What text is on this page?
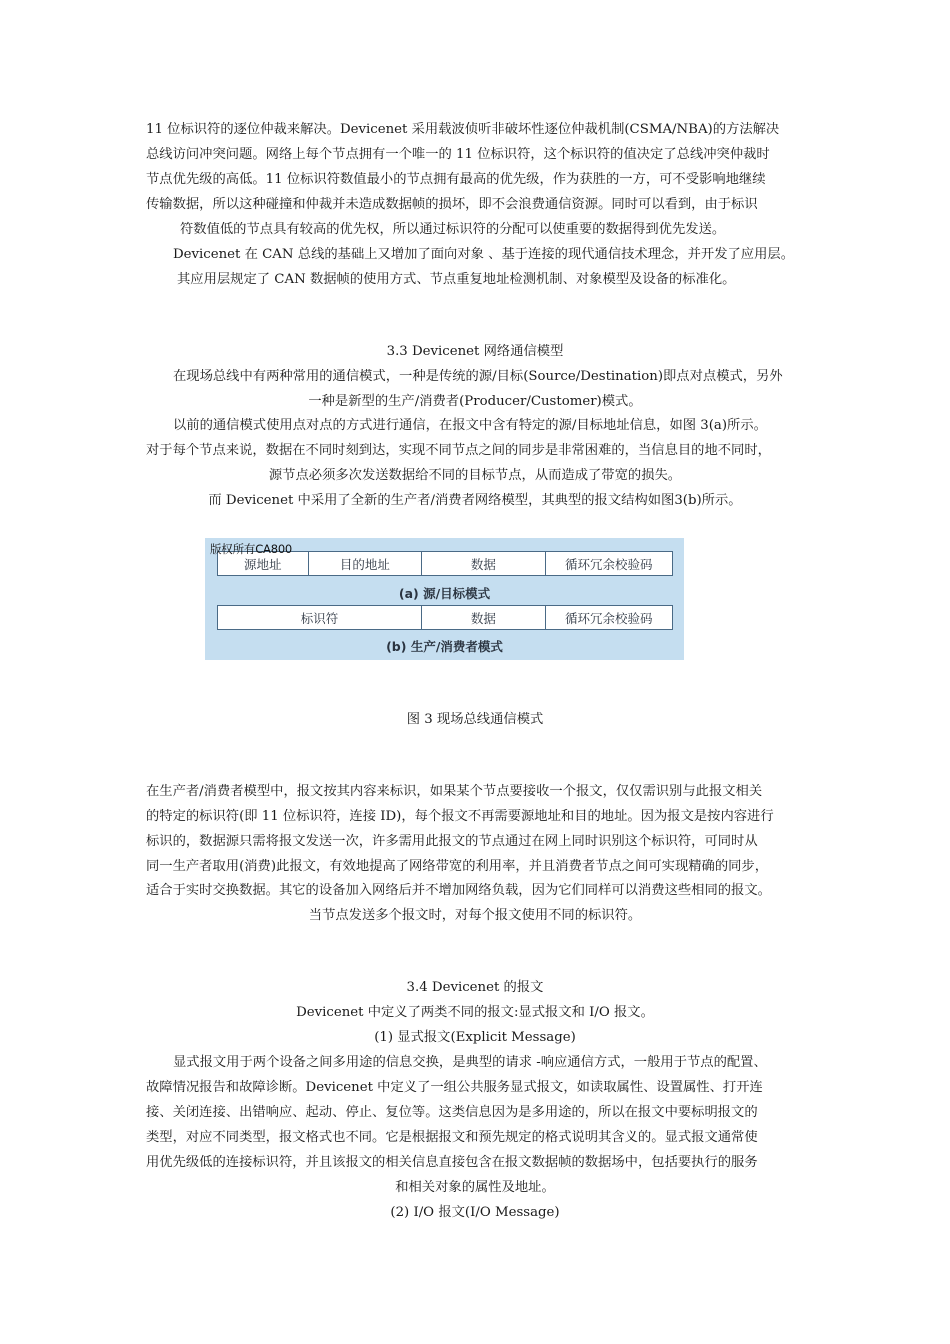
11 位标识符的逐位仲裁来解决。Devicenet 采用载波侦听非破坏性逐位仲裁机制(CSMA/NBA)的方法解决
总线访问冲突问题。网络上每个节点拥有一个唯一的 11 位标识符，这个标识符的值决定了总线冲突仲裁时
节点优先级的高低。11 位标识符数值最小的节点拥有最高的优先级，作为获胜的一方，可不受影响地继续
传输数据，所以这种碰撞和仲裁并未造成数据帧的损坏，即不会浪费通信资源。同时可以看到，由于标识
符数值低的节点具有较高的优先权，所以通过标识符的分配可以使重要的数据得到优先发送。
Devicenet 在 CAN 总线的基础上又增加了面向对象 、基于连接的现代通信技术理念，并开发了应用层。
其应用层规定了 CAN 数据帧的使用方式、节点重复地址检测机制、对象模型及设备的标准化。
3.3 Devicenet 网络通信模型
在现场总线中有两种常用的通信模式，一种是传统的源/目标(Source/Destination)即点对点模式，另外
一种是新型的生产/消费者(Producer/Customer)模式。
以前的通信模式使用点对点的方式进行通信，在报文中含有特定的源/目标地址信息，如图 3(a)所示。
对于每个节点来说，数据在不同时刻到达，实现不同节点之间的同步是非常困难的，当信息目的地不同时，
源节点必须多次发送数据给不同的目标节点，从而造成了带宽的损失。
而 Devicenet 中采用了全新的生产者/消费者网络模型，其典型的报文结构如图3(b)所示。
源地址	目的地址	数据	循环冗余校验码
版权所有CA800
(a) 源/目标模式
标识符	数据	循环冗余校验码
(b) 生产/消费者模式
图 3 现场总线通信模式
在生产者/消费者模型中，报文按其内容来标识，如果某个节点要接收一个报文，仅仅需识别与此报文相关
的特定的标识符(即 11 位标识符，连接 ID)，每个报文不再需要源地址和目的地址。因为报文是按内容进行
标识的，数据源只需将报文发送一次，许多需用此报文的节点通过在网上同时识别这个标识符，可同时从
同一生产者取用(消费)此报文，有效地提高了网络带宽的利用率，并且消费者节点之间可实现精确的同步，
适合于实时交换数据。其它的设备加入网络后并不增加网络负载，因为它们同样可以消费这些相同的报文。
当节点发送多个报文时，对每个报文使用不同的标识符。
3.4 Devicenet 的报文
Devicenet 中定义了两类不同的报文:显式报文和 I/O 报文。
(1) 显式报文(Explicit Message)
显式报文用于两个设备之间多用途的信息交换，是典型的请求 -响应通信方式，一般用于节点的配置、
故障情况报告和故障诊断。Devicenet 中定义了一组公共服务显式报文，如读取属性、设置属性、打开连
接、关闭连接、出错响应、起动、停止、复位等。这类信息因为是多用途的，所以在报文中要标明报文的
类型，对应不同类型，报文格式也不同。它是根据报文和预先规定的格式说明其含义的。显式报文通常使
用优先级低的连接标识符，并且该报文的相关信息直接包含在报文数据帧的数据场中，包括要执行的服务
和相关对象的属性及地址。
(2) I/O 报文(I/O Message)
